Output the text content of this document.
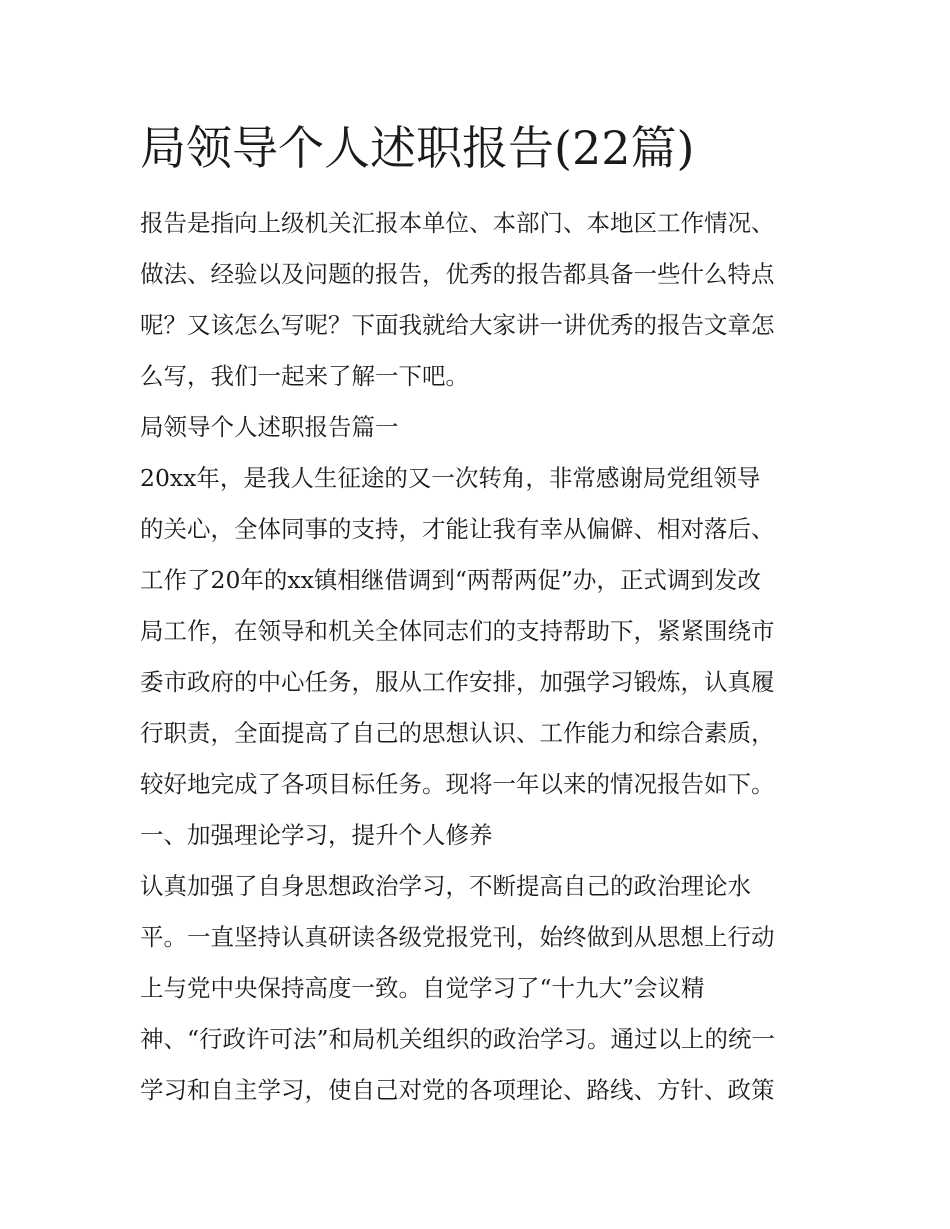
局领导个人述职报告(22篇)

报告是指向上级机关汇报本单位、本部门、本地区工作情况、

做法、经验以及问题的报告，优秀的报告都具备一些什么特点

呢？又该怎么写呢？下面我就给大家讲一讲优秀的报告文章怎

么写，我们一起来了解一下吧。

局领导个人述职报告篇一

20xx年，是我人生征途的又一次转角，非常感谢局党组领导

的关心，全体同事的支持，才能让我有幸从偏僻、相对落后、

工作了20年的xx镇相继借调到“两帮两促”办，正式调到发改

局工作，在领导和机关全体同志们的支持帮助下，紧紧围绕市

委市政府的中心任务，服从工作安排，加强学习锻炼，认真履

行职责，全面提高了自己的思想认识、工作能力和综合素质，

较好地完成了各项目标任务。现将一年以来的情况报告如下。

一、加强理论学习，提升个人修养

认真加强了自身思想政治学习，不断提高自己的政治理论水

平。一直坚持认真研读各级党报党刊，始终做到从思想上行动

上与党中央保持高度一致。自觉学习了“十九大”会议精

神、“行政许可法”和局机关组织的政治学习。通过以上的统一

学习和自主学习，使自己对党的各项理论、路线、方针、政策
